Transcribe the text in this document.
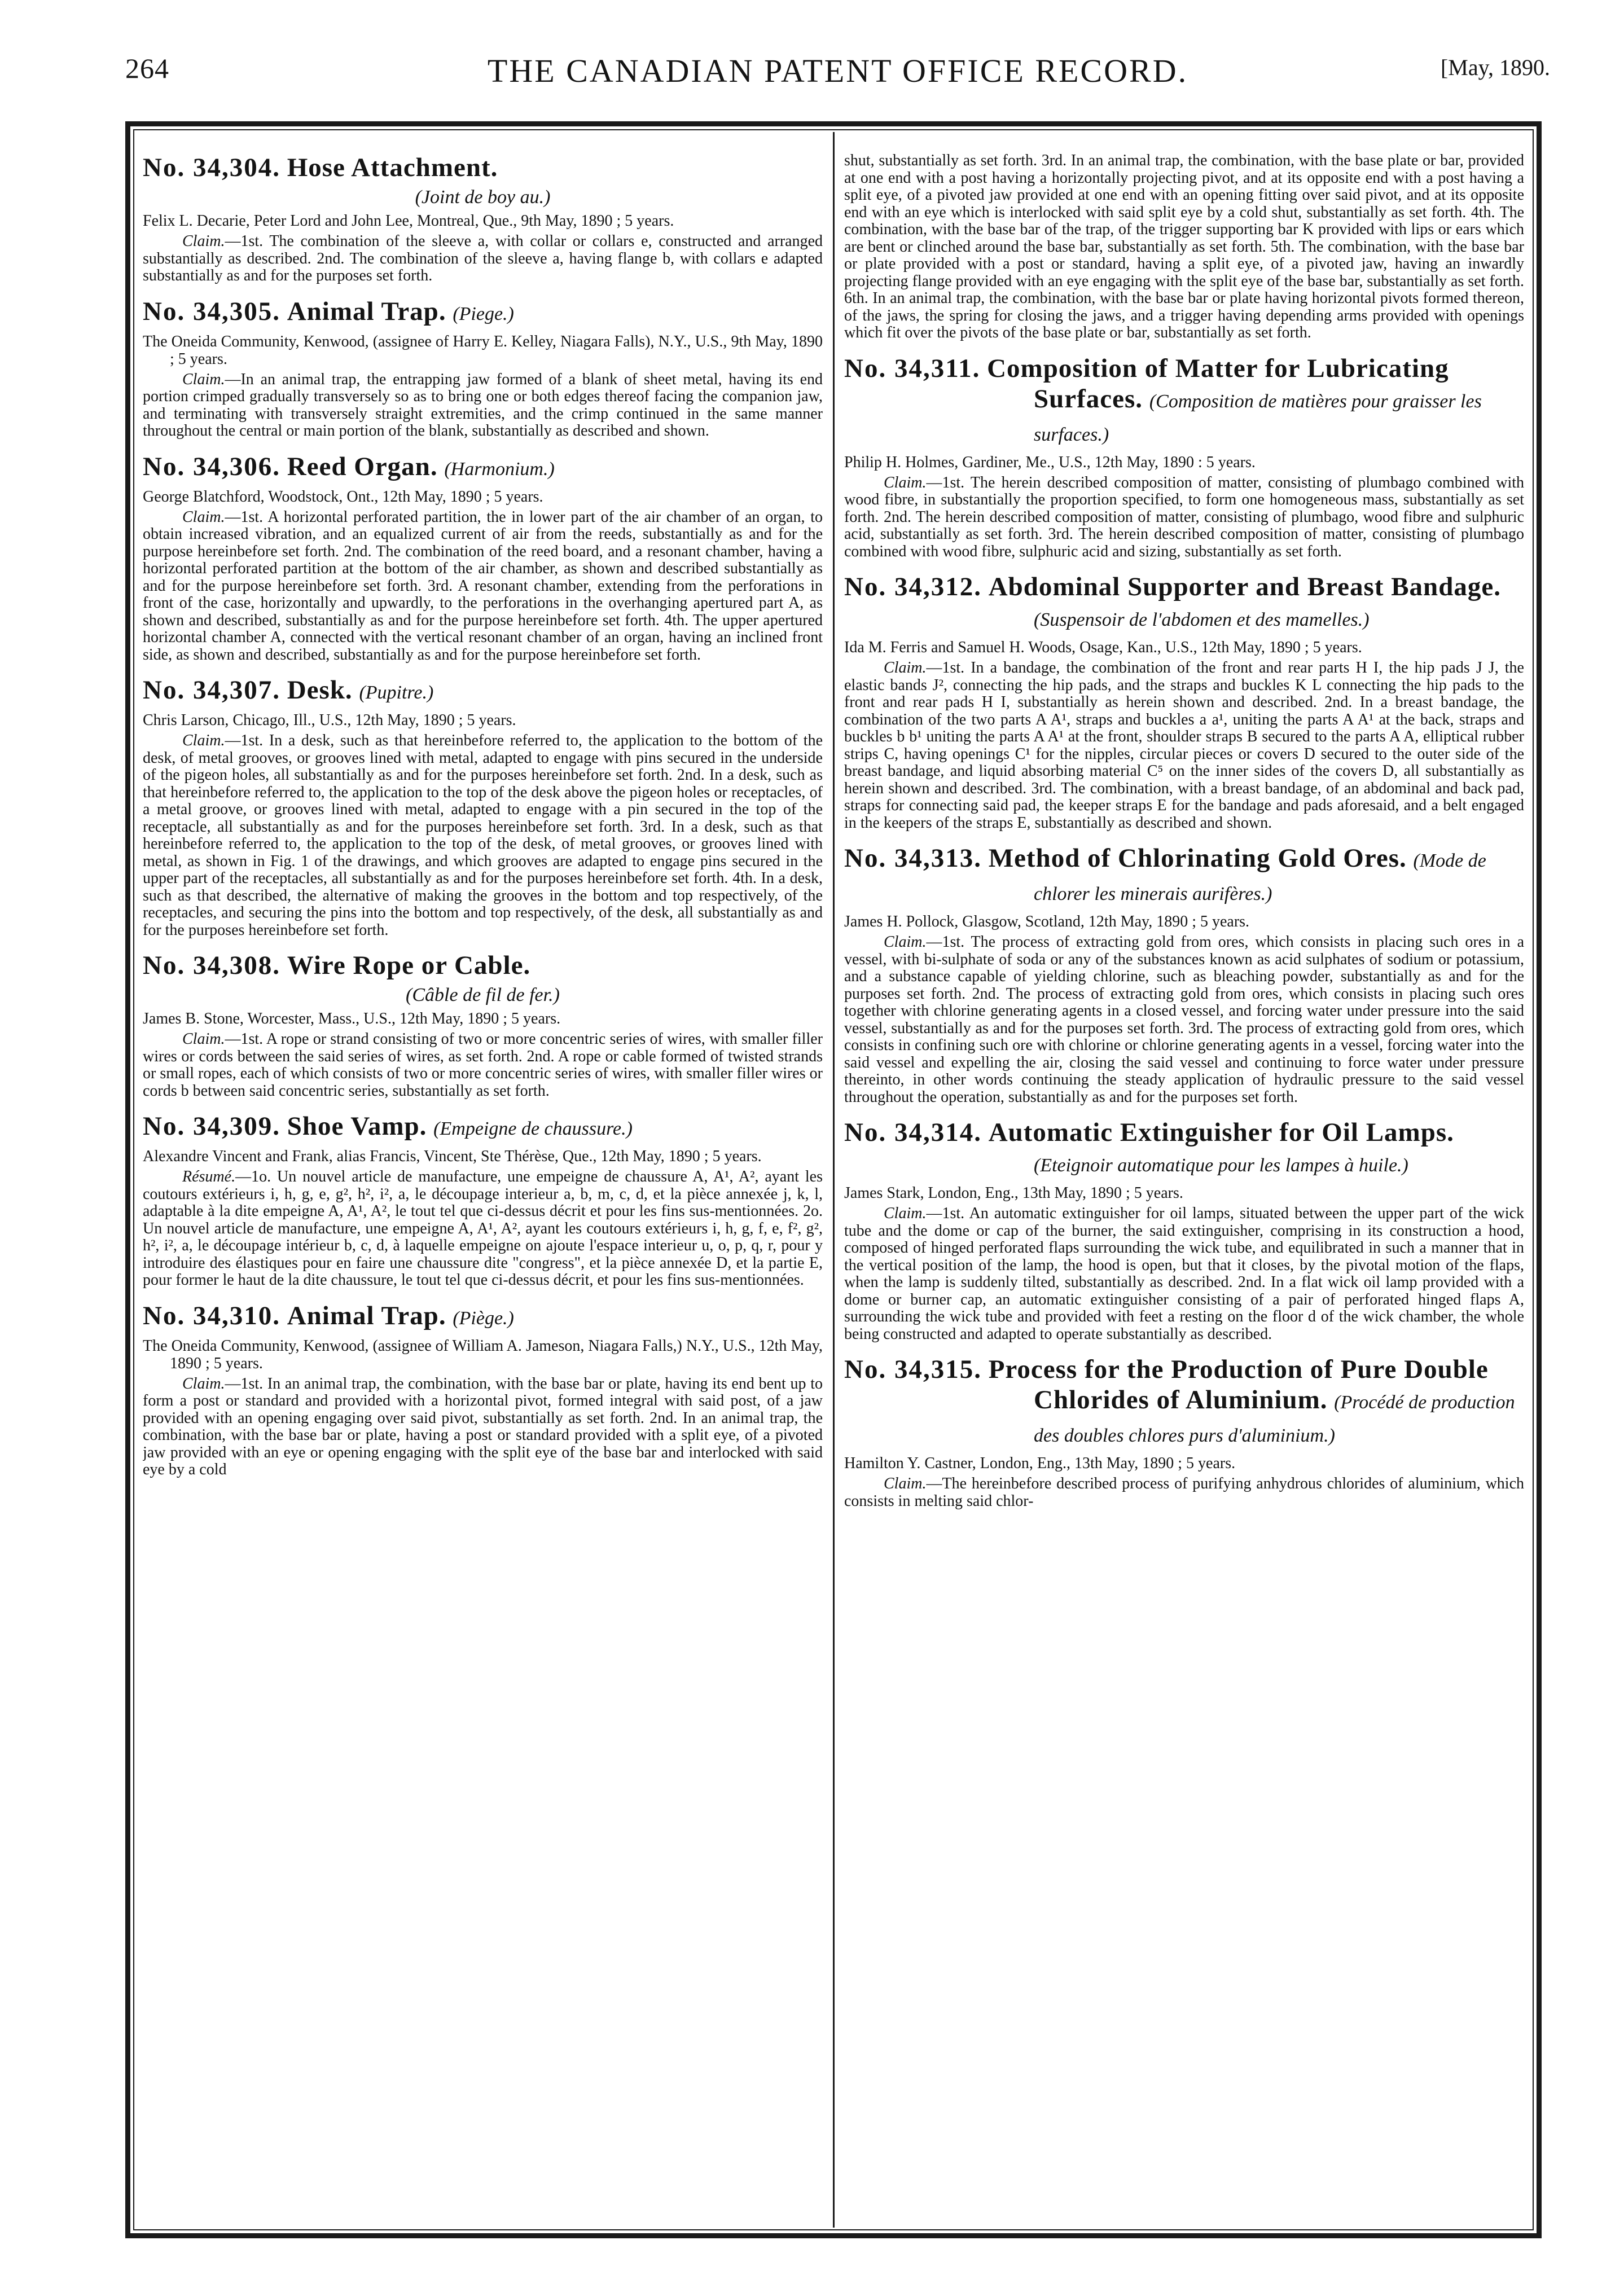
264	THE CANADIAN PATENT OFFICE RECORD.	[May, 1890.
No. 34,304. Hose Attachment.
(Joint de boy au.)

Felix L. Decarie, Peter Lord and John Lee, Montreal, Que., 9th May, 1890 ; 5 years.

Claim.—1st. The combination of the sleeve a, with collar or collars e, constructed and arranged substantially as described. 2nd. The combination of the sleeve a, having flange b, with collars e adapted substantially as and for the purposes set forth.

No. 34,305. Animal Trap. (Piege.)

The Oneida Community, Kenwood, (assignee of Harry E. Kelley, Niagara Falls), N.Y., U.S., 9th May, 1890 ; 5 years.

Claim.—In an animal trap, the entrapping jaw formed of a blank of sheet metal, having its end portion crimped gradually transversely so as to bring one or both edges thereof facing the companion jaw, and terminating with transversely straight extremities, and the crimp continued in the same manner throughout the central or main portion of the blank, substantially as described and shown.

No. 34,306. Reed Organ. (Harmonium.)

George Blatchford, Woodstock, Ont., 12th May, 1890 ; 5 years.

Claim.—1st. A horizontal perforated partition, the in lower part of the air chamber of an organ, to obtain increased vibration, and an equalized current of air from the reeds, substantially as and for the purpose hereinbefore set forth. 2nd. The combination of the reed board, and a resonant chamber, having a horizontal perforated partition at the bottom of the air chamber, as shown and described substantially as and for the purpose hereinbefore set forth. 3rd. A resonant chamber, extending from the perforations in front of the case, horizontally and upwardly, to the perforations in the overhanging apertured part A, as shown and described, substantially as and for the purpose hereinbefore set forth. 4th. The upper apertured horizontal chamber A, connected with the vertical resonant chamber of an organ, having an inclined front side, as shown and described, substantially as and for the purpose hereinbefore set forth.

No. 34,307. Desk. (Pupitre.)

Chris Larson, Chicago, Ill., U.S., 12th May, 1890 ; 5 years.

Claim.—1st. In a desk, such as that hereinbefore referred to, the application to the bottom of the desk, of metal grooves, or grooves lined with metal, adapted to engage with pins secured in the underside of the pigeon holes, all substantially as and for the purposes hereinbefore set forth. 2nd. In a desk, such as that hereinbefore referred to, the application to the top of the desk above the pigeon holes or receptacles, of a metal groove, or grooves lined with metal, adapted to engage with a pin secured in the top of the receptacle, all substantially as and for the purposes hereinbefore set forth. 3rd. In a desk, such as that hereinbefore referred to, the application to the top of the desk, of metal grooves, or grooves lined with metal, as shown in Fig. 1 of the drawings, and which grooves are adapted to engage pins secured in the upper part of the receptacles, all substantially as and for the purposes hereinbefore set forth. 4th. In a desk, such as that described, the alternative of making the grooves in the bottom and top respectively, of the receptacles, and securing the pins into the bottom and top respectively, of the desk, all substantially as and for the purposes hereinbefore set forth.

No. 34,308. Wire Rope or Cable.
(Câble de fil de fer.)

James B. Stone, Worcester, Mass., U.S., 12th May, 1890 ; 5 years.

Claim.—1st. A rope or strand consisting of two or more concentric series of wires, with smaller filler wires or cords between the said series of wires, as set forth. 2nd. A rope or cable formed of twisted strands or small ropes, each of which consists of two or more concentric series of wires, with smaller filler wires or cords b between said concentric series, substantially as set forth.

No. 34,309. Shoe Vamp. (Empeigne de chaussure.)

Alexandre Vincent and Frank, alias Francis, Vincent, Ste Thérèse, Que., 12th May, 1890 ; 5 years.

Résumé.—1o. Un nouvel article de manufacture, une empeigne de chaussure A, A¹, A², ayant les coutours extérieurs i, h, g, e, g², h², i², a, le découpage interieur a, b, m, c, d, et la pièce annexée j, k, l, adaptable à la dite empeigne A, A¹, A², le tout tel que ci-dessus décrit et pour les fins sus-mentionnées. 2o. Un nouvel article de manufacture, une empeigne A, A¹, A², ayant les coutours extérieurs i, h, g, f, e, f², g², h², i², a, le découpage intérieur b, c, d, à laquelle empeigne on ajoute l'espace interieur u, o, p, q, r, pour y introduire des élastiques pour en faire une chaussure dite "congress", et la pièce annexée D, et la partie E, pour former le haut de la dite chaussure, le tout tel que ci-dessus décrit, et pour les fins sus-mentionnées.

No. 34,310. Animal Trap. (Piège.)

The Oneida Community, Kenwood, (assignee of William A. Jameson, Niagara Falls,) N.Y., U.S., 12th May, 1890 ; 5 years.

Claim.—1st. In an animal trap, the combination, with the base bar or plate, having its end bent up to form a post or standard and provided with a horizontal pivot, formed integral with said post, of a jaw provided with an opening engaging over said pivot, substantially as set forth. 2nd. In an animal trap, the combination, with the base bar or plate, having a post or standard provided with a split eye, of a pivoted jaw provided with an eye or opening engaging with the split eye of the base bar and interlocked with said eye by a cold

shut, substantially as set forth. 3rd. In an animal trap, the combination, with the base plate or bar, provided at one end with a post having a horizontally projecting pivot, and at its opposite end with a post having a split eye, of a pivoted jaw provided at one end with an opening fitting over said pivot, and at its opposite end with an eye which is interlocked with said split eye by a cold shut, substantially as set forth. 4th. The combination, with the base bar of the trap, of the trigger supporting bar K provided with lips or ears which are bent or clinched around the base bar, substantially as set forth. 5th. The combination, with the base bar or plate provided with a post or standard, having a split eye, of a pivoted jaw, having an inwardly projecting flange provided with an eye engaging with the split eye of the base bar, substantially as set forth. 6th. In an animal trap, the combination, with the base bar or plate having horizontal pivots formed thereon, of the jaws, the spring for closing the jaws, and a trigger having depending arms provided with openings which fit over the pivots of the base plate or bar, substantially as set forth.

No. 34,311. Composition of Matter for Lubricating Surfaces. (Composition de matières pour graisser les surfaces.)

Philip H. Holmes, Gardiner, Me., U.S., 12th May, 1890 : 5 years.

Claim.—1st. The herein described composition of matter, consisting of plumbago combined with wood fibre, in substantially the proportion specified, to form one homogeneous mass, substantially as set forth. 2nd. The herein described composition of matter, consisting of plumbago, wood fibre and sulphuric acid, substantially as set forth. 3rd. The herein described composition of matter, consisting of plumbago combined with wood fibre, sulphuric acid and sizing, substantially as set forth.

No. 34,312. Abdominal Supporter and Breast Bandage. (Suspensoir de l'abdomen et des mamelles.)

Ida M. Ferris and Samuel H. Woods, Osage, Kan., U.S., 12th May, 1890 ; 5 years.

Claim.—1st. In a bandage, the combination of the front and rear parts H I, the hip pads J J, the elastic bands J², connecting the hip pads, and the straps and buckles K L connecting the hip pads to the front and rear pads H I, substantially as herein shown and described. 2nd. In a breast bandage, the combination of the two parts A A¹, straps and buckles a a¹, uniting the parts A A¹ at the back, straps and buckles b b¹ uniting the parts A A¹ at the front, shoulder straps B secured to the parts A A, elliptical rubber strips C, having openings C¹ for the nipples, circular pieces or covers D secured to the outer side of the breast bandage, and liquid absorbing material C⁵ on the inner sides of the covers D, all substantially as herein shown and described. 3rd. The combination, with a breast bandage, of an abdominal and back pad, straps for connecting said pad, the keeper straps E for the bandage and pads aforesaid, and a belt engaged in the keepers of the straps E, substantially as described and shown.

No. 34,313. Method of Chlorinating Gold Ores. (Mode de chlorer les minerais aurifères.)

James H. Pollock, Glasgow, Scotland, 12th May, 1890 ; 5 years.

Claim.—1st. The process of extracting gold from ores, which consists in placing such ores in a vessel, with bi-sulphate of soda or any of the substances known as acid sulphates of sodium or potassium, and a substance capable of yielding chlorine, such as bleaching powder, substantially as and for the purposes set forth. 2nd. The process of extracting gold from ores, which consists in placing such ores together with chlorine generating agents in a closed vessel, and forcing water under pressure into the said vessel, substantially as and for the purposes set forth. 3rd. The process of extracting gold from ores, which consists in confining such ore with chlorine or chlorine generating agents in a vessel, forcing water into the said vessel and expelling the air, closing the said vessel and continuing to force water under pressure thereinto, in other words continuing the steady application of hydraulic pressure to the said vessel throughout the operation, substantially as and for the purposes set forth.

No. 34,314. Automatic Extinguisher for Oil Lamps. (Eteignoir automatique pour les lampes à huile.)

James Stark, London, Eng., 13th May, 1890 ; 5 years.

Claim.—1st. An automatic extinguisher for oil lamps, situated between the upper part of the wick tube and the dome or cap of the burner, the said extinguisher, comprising in its construction a hood, composed of hinged perforated flaps surrounding the wick tube, and equilibrated in such a manner that in the vertical position of the lamp, the hood is open, but that it closes, by the pivotal motion of the flaps, when the lamp is suddenly tilted, substantially as described. 2nd. In a flat wick oil lamp provided with a dome or burner cap, an automatic extinguisher consisting of a pair of perforated hinged flaps A, surrounding the wick tube and provided with feet a resting on the floor d of the wick chamber, the whole being constructed and adapted to operate substantially as described.

No. 34,315. Process for the Production of Pure Double Chlorides of Aluminium. (Procédé de production des doubles chlores purs d'aluminium.)

Hamilton Y. Castner, London, Eng., 13th May, 1890 ; 5 years.

Claim.—The hereinbefore described process of purifying anhydrous chlorides of aluminium, which consists in melting said chlor-
